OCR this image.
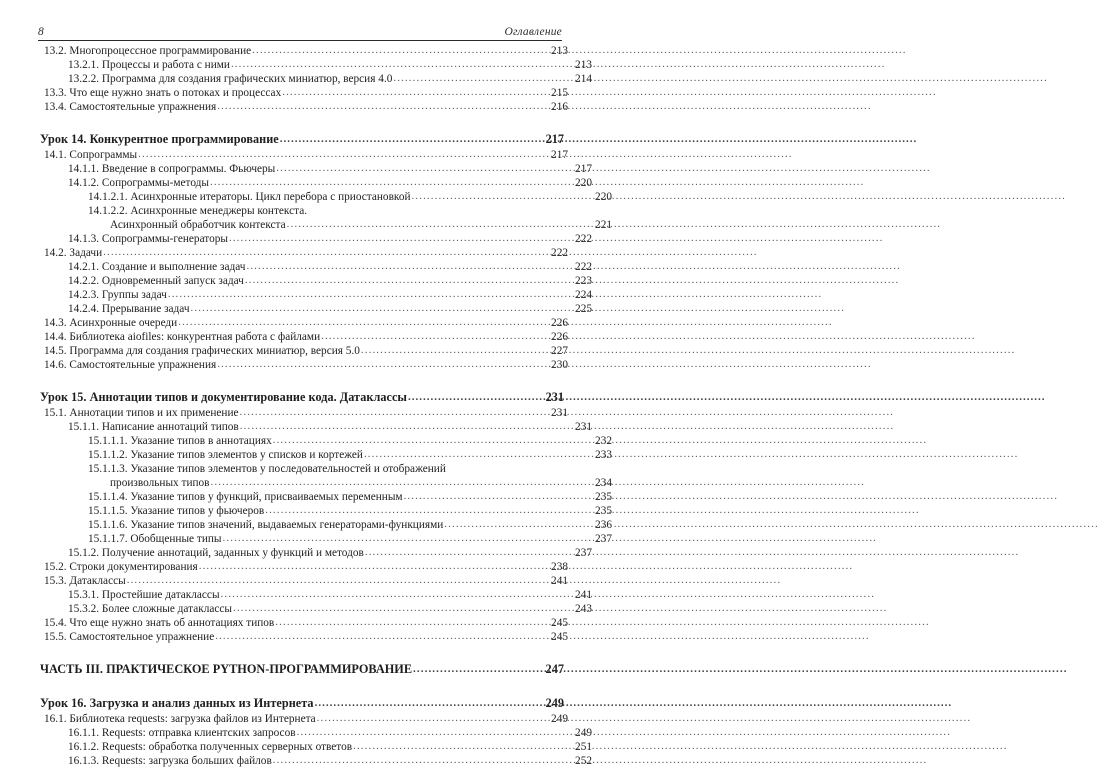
8	Оглавление
13.2. Многопроцессное программирование .....	213
13.2.1. Процессы и работа с ними .....	213
13.2.2. Программа для создания графических миниатюр, версия 4.0 .....	214
13.3. Что еще нужно знать о потоках и процессах .....	215
13.4. Самостоятельные упражнения .....	216
Урок 14. Конкурентное программирование .....	217
14.1. Сопрограммы .....	217
14.1.1. Введение в сопрограммы. Фьючеры .....	217
14.1.2. Сопрограммы-методы .....	220
14.1.2.1. Асинхронные итераторы. Цикл перебора с приостановкой .....	220
14.1.2.2. Асинхронные менеджеры контекста.
Асинхронный обработчик контекста .....	221
14.1.3. Сопрограммы-генераторы .....	222
14.2. Задачи .....	222
14.2.1. Создание и выполнение задач .....	222
14.2.2. Одновременный запуск задач .....	223
14.2.3. Группы задач .....	224
14.2.4. Прерывание задач .....	225
14.3. Асинхронные очереди .....	226
14.4. Библиотека aiofiles: конкурентная работа с файлами .....	226
14.5. Программа для создания графических миниатюр, версия 5.0 .....	227
14.6. Самостоятельные упражнения .....	230
Урок 15. Аннотации типов и документирование кода. Датаклассы .....	231
15.1. Аннотации типов и их применение .....	231
15.1.1. Написание аннотаций типов .....	231
15.1.1.1. Указание типов в аннотациях .....	232
15.1.1.2. Указание типов элементов у списков и кортежей .....	233
15.1.1.3. Указание типов элементов у последовательностей и отображений
произвольных типов .....	234
15.1.1.4. Указание типов у функций, присваиваемых переменным .....	235
15.1.1.5. Указание типов у фьючеров .....	235
15.1.1.6. Указание типов значений, выдаваемых генераторами-функциями .....	236
15.1.1.7. Обобщенные типы .....	237
15.1.2. Получение аннотаций, заданных у функций и методов .....	237
15.2. Строки документирования .....	238
15.3. Датаклассы .....	241
15.3.1. Простейшие датаклассы .....	241
15.3.2. Более сложные датаклассы .....	243
15.4. Что еще нужно знать об аннотациях типов .....	245
15.5. Самостоятельное упражнение .....	245
ЧАСТЬ III. ПРАКТИЧЕСКОЕ PYTHON-ПРОГРАММИРОВАНИЕ .....	247
Урок 16. Загрузка и анализ данных из Интернета .....	249
16.1. Библиотека requests: загрузка файлов из Интернета .....	249
16.1.1. Requests: отправка клиентских запросов .....	249
16.1.2. Requests: обработка полученных серверных ответов .....	251
16.1.3. Requests: загрузка больших файлов .....	252
